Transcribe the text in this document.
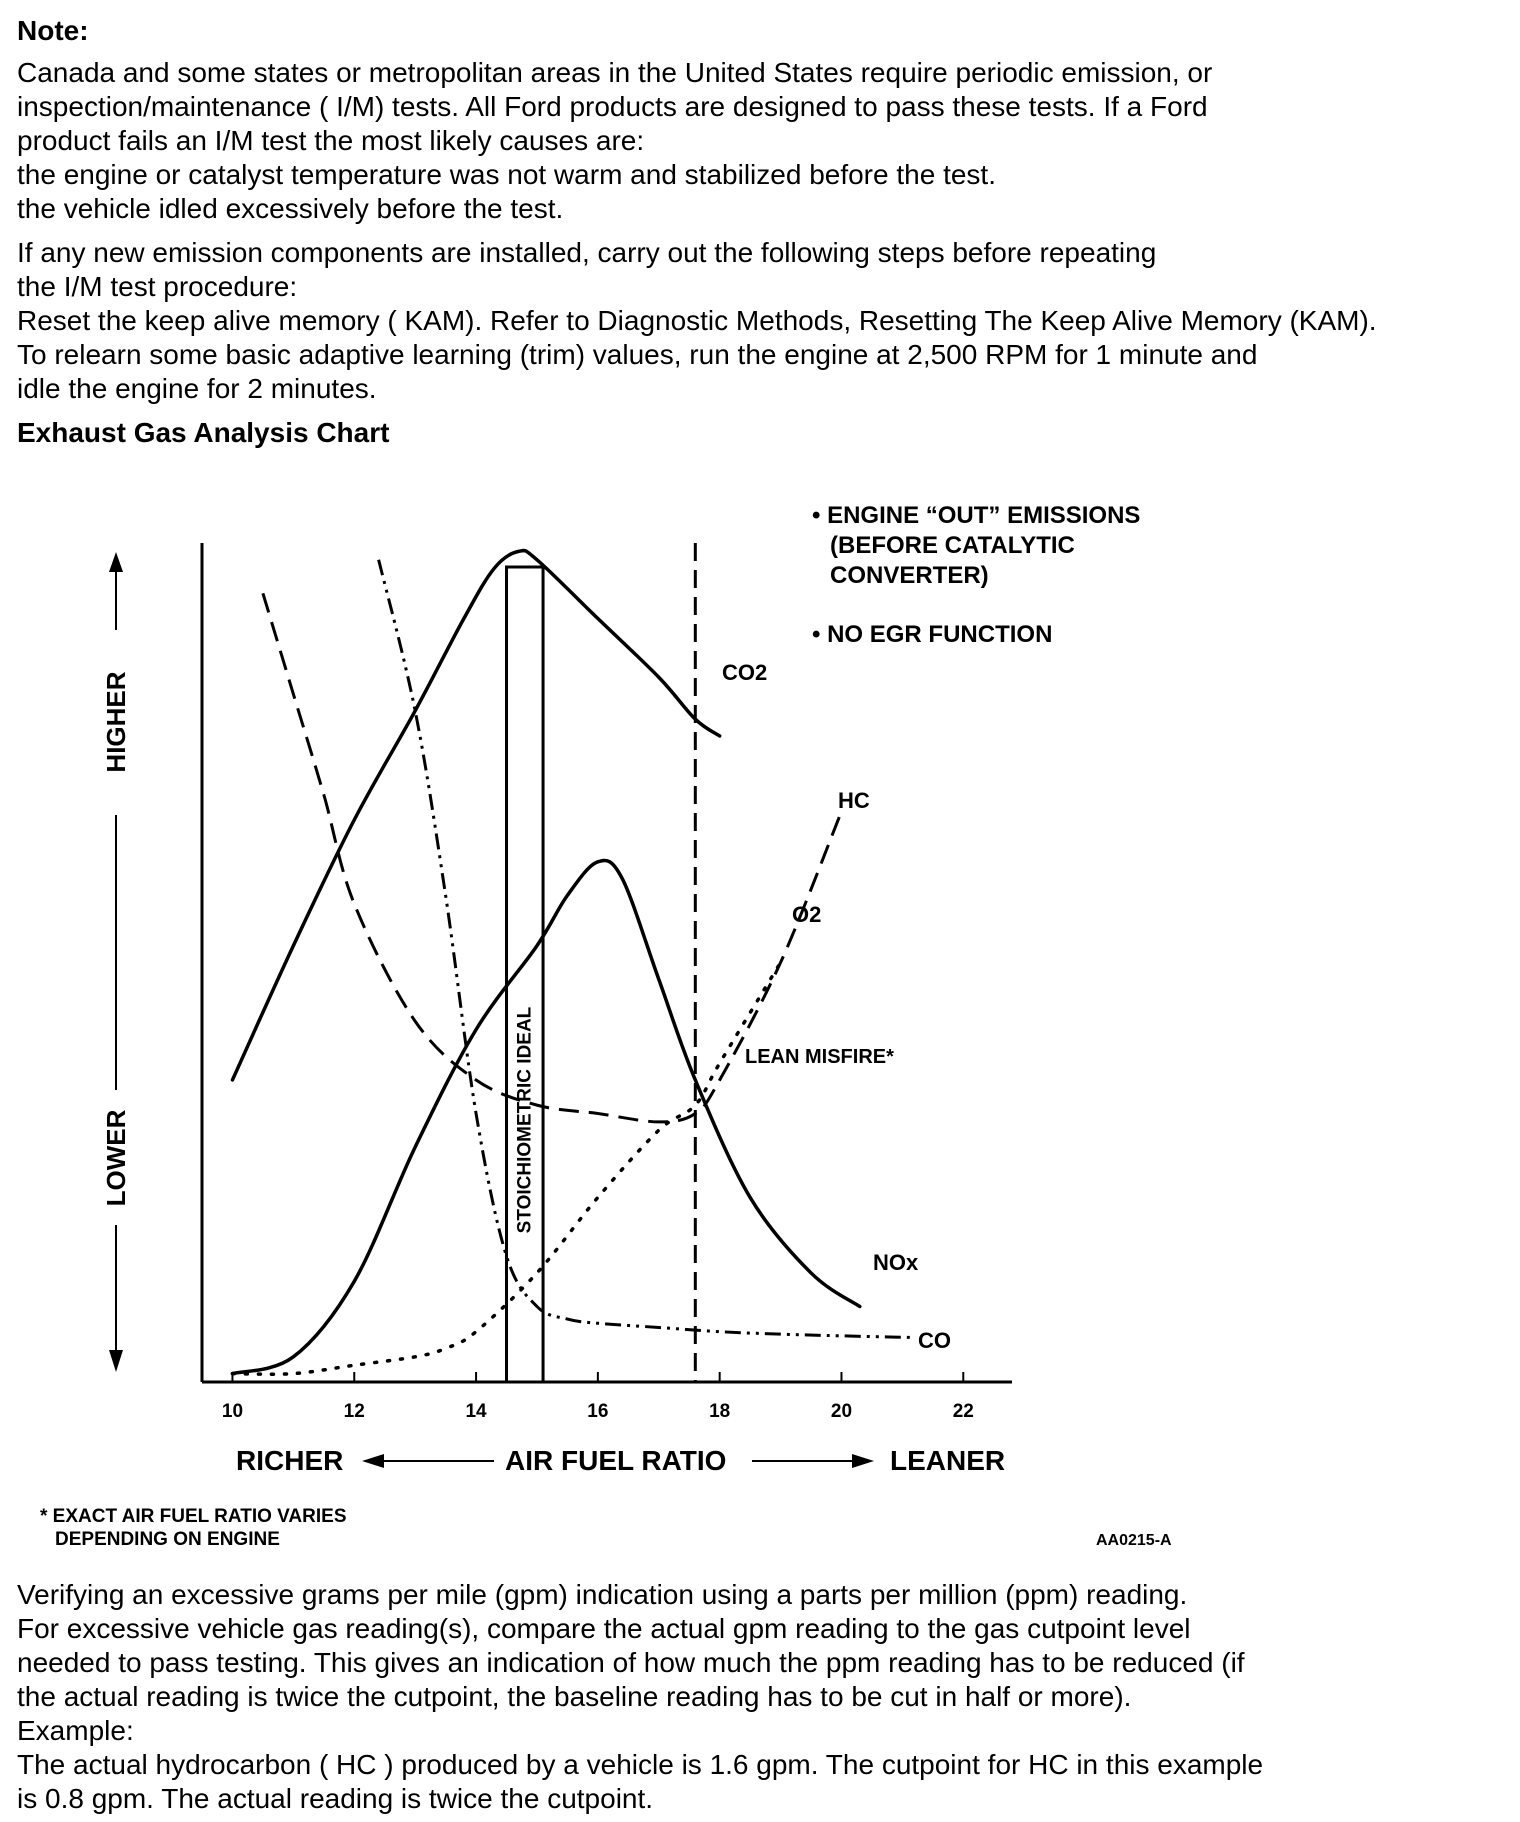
Note:

Canada and some states or metropolitan areas in the United States require periodic emission, or

inspection/maintenance ( I/M) tests. All Ford products are designed to pass these tests. If a Ford

product fails an I/M test the most likely causes are:

the engine or catalyst temperature was not warm and stabilized before the test.

the vehicle idled excessively before the test.

If any new emission components are installed, carry out the following steps before repeating

the I/M test procedure:

Reset the keep alive memory ( KAM). Refer to Diagnostic Methods, Resetting The Keep Alive Memory (KAM).

To relearn some basic adaptive learning (trim) values, run the engine at 2,500 RPM for 1 minute and

idle the engine for 2 minutes.

Exhaust Gas Analysis Chart

10	12	14	16	18	20	22
HIGHER
LOWER	STOICHIOMETRIC IDEAL	LEAN MISFIRE*
CO2
HC
O2
NOx
CO
• ENGINE “OUT” EMISSIONS
(BEFORE CATALYTIC
CONVERTER)
• NO EGR FUNCTION
RICHER	AIR FUEL RATIO	LEANER
* EXACT AIR FUEL RATIO VARIES
DEPENDING ON ENGINE	AA0215-A

Verifying an excessive grams per mile (gpm) indication using a parts per million (ppm) reading.

For excessive vehicle gas reading(s), compare the actual gpm reading to the gas cutpoint level

needed to pass testing. This gives an indication of how much the ppm reading has to be reduced (if

the actual reading is twice the cutpoint, the baseline reading has to be cut in half or more).

Example:

The actual hydrocarbon ( HC ) produced by a vehicle is 1.6 gpm. The cutpoint for HC in this example

is 0.8 gpm. The actual reading is twice the cutpoint.
